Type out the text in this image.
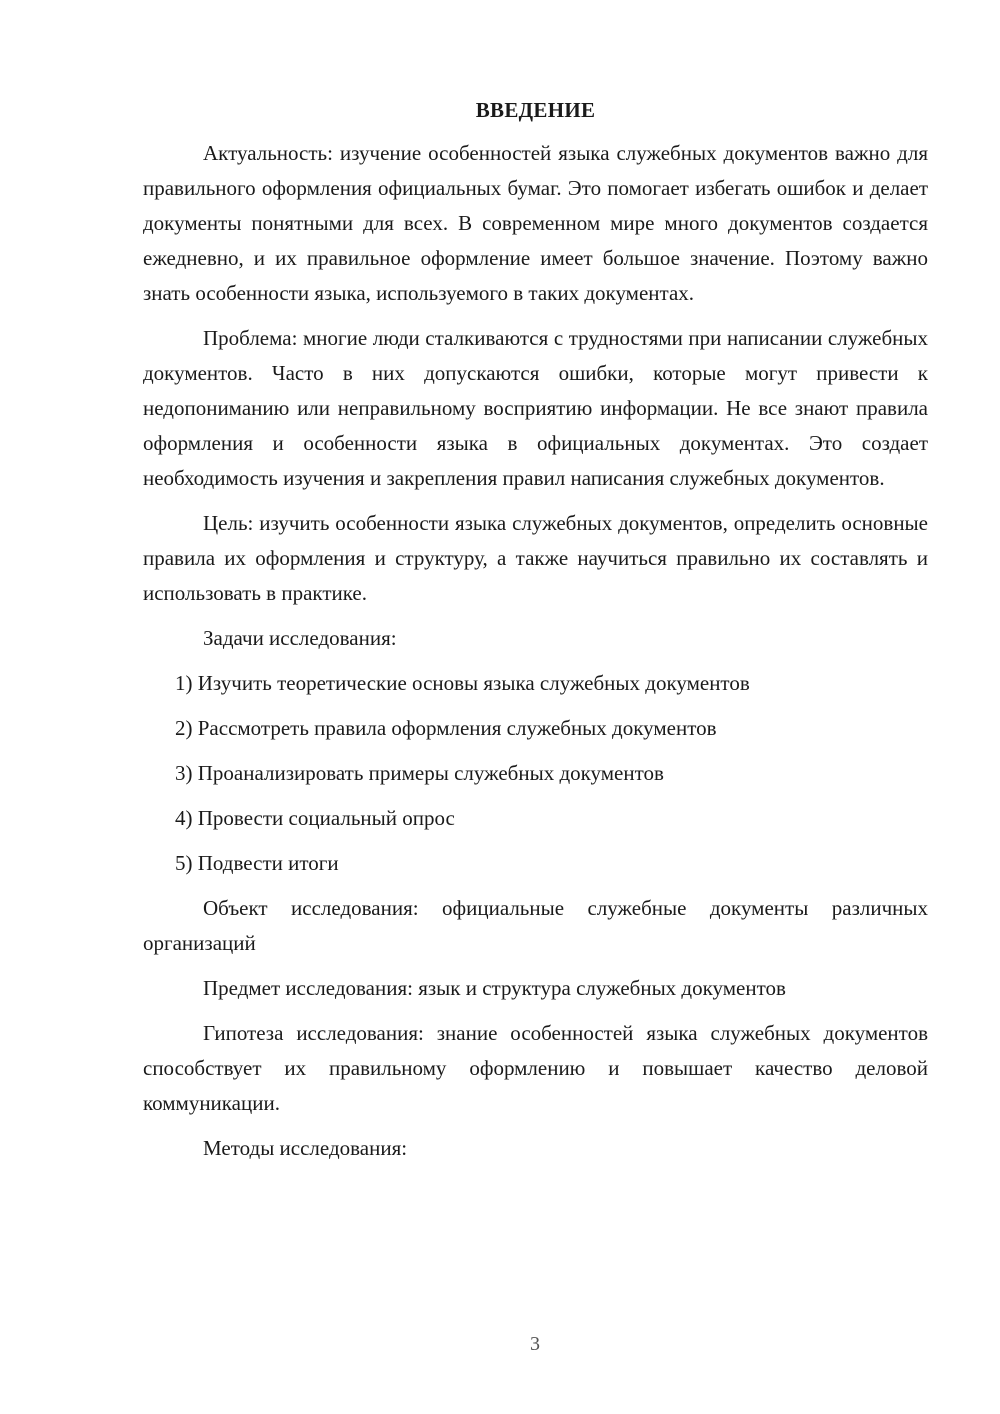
ВВЕДЕНИЕ

Актуальность: изучение особенностей языка служебных документов важно для правильного оформления официальных бумаг. Это помогает избегать ошибок и делает документы понятными для всех. В современном мире много документов создается ежедневно, и их правильное оформление имеет большое значение. Поэтому важно знать особенности языка, используемого в таких документах.

Проблема: многие люди сталкиваются с трудностями при написании служебных документов. Часто в них допускаются ошибки, которые могут привести к недопониманию или неправильному восприятию информации. Не все знают правила оформления и особенности языка в официальных документах. Это создает необходимость изучения и закрепления правил написания служебных документов.

Цель: изучить особенности языка служебных документов, определить основные правила их оформления и структуру, а также научиться правильно их составлять и использовать в практике.

Задачи исследования:

1) Изучить теоретические основы языка служебных документов

2) Рассмотреть правила оформления служебных документов

3) Проанализировать примеры служебных документов

4) Провести социальный опрос

5) Подвести итоги

Объект исследования: официальные служебные документы различных организаций

Предмет исследования: язык и структура служебных документов

Гипотеза исследования: знание особенностей языка служебных документов способствует их правильному оформлению и повышает качество деловой коммуникации.

Методы исследования:

3
